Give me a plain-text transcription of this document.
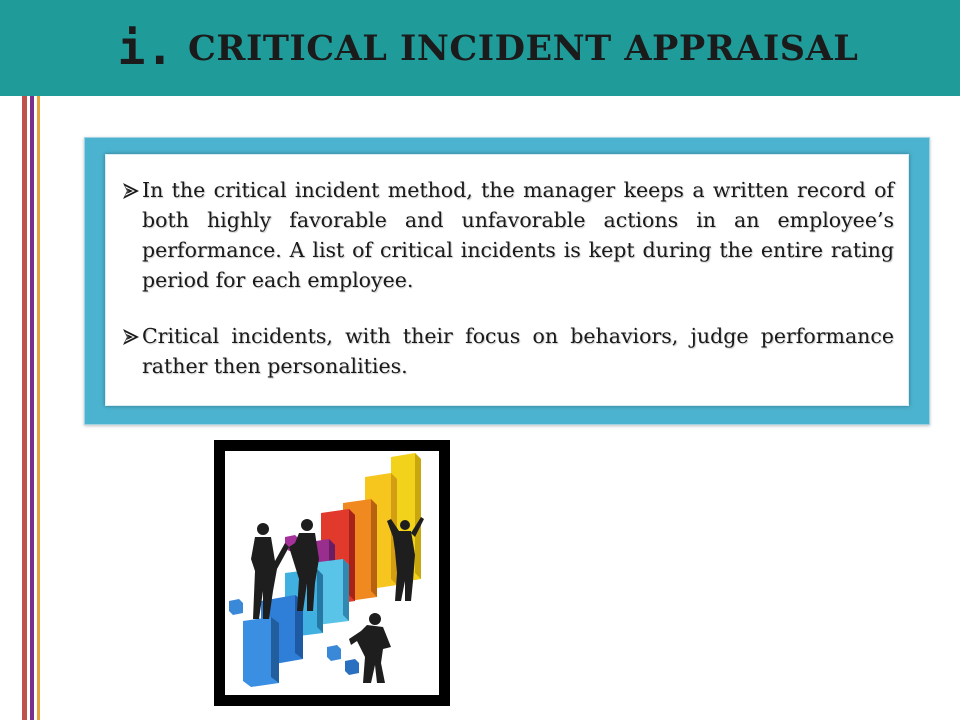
i. CRITICAL INCIDENT APPRAISAL

In the critical incident method, the manager keeps a written record of both highly favorable and unfavorable actions in an employee’s performance. A list of critical incidents is kept during the entire rating period for each employee.

Critical incidents, with their focus on behaviors, judge performance rather then personalities.
